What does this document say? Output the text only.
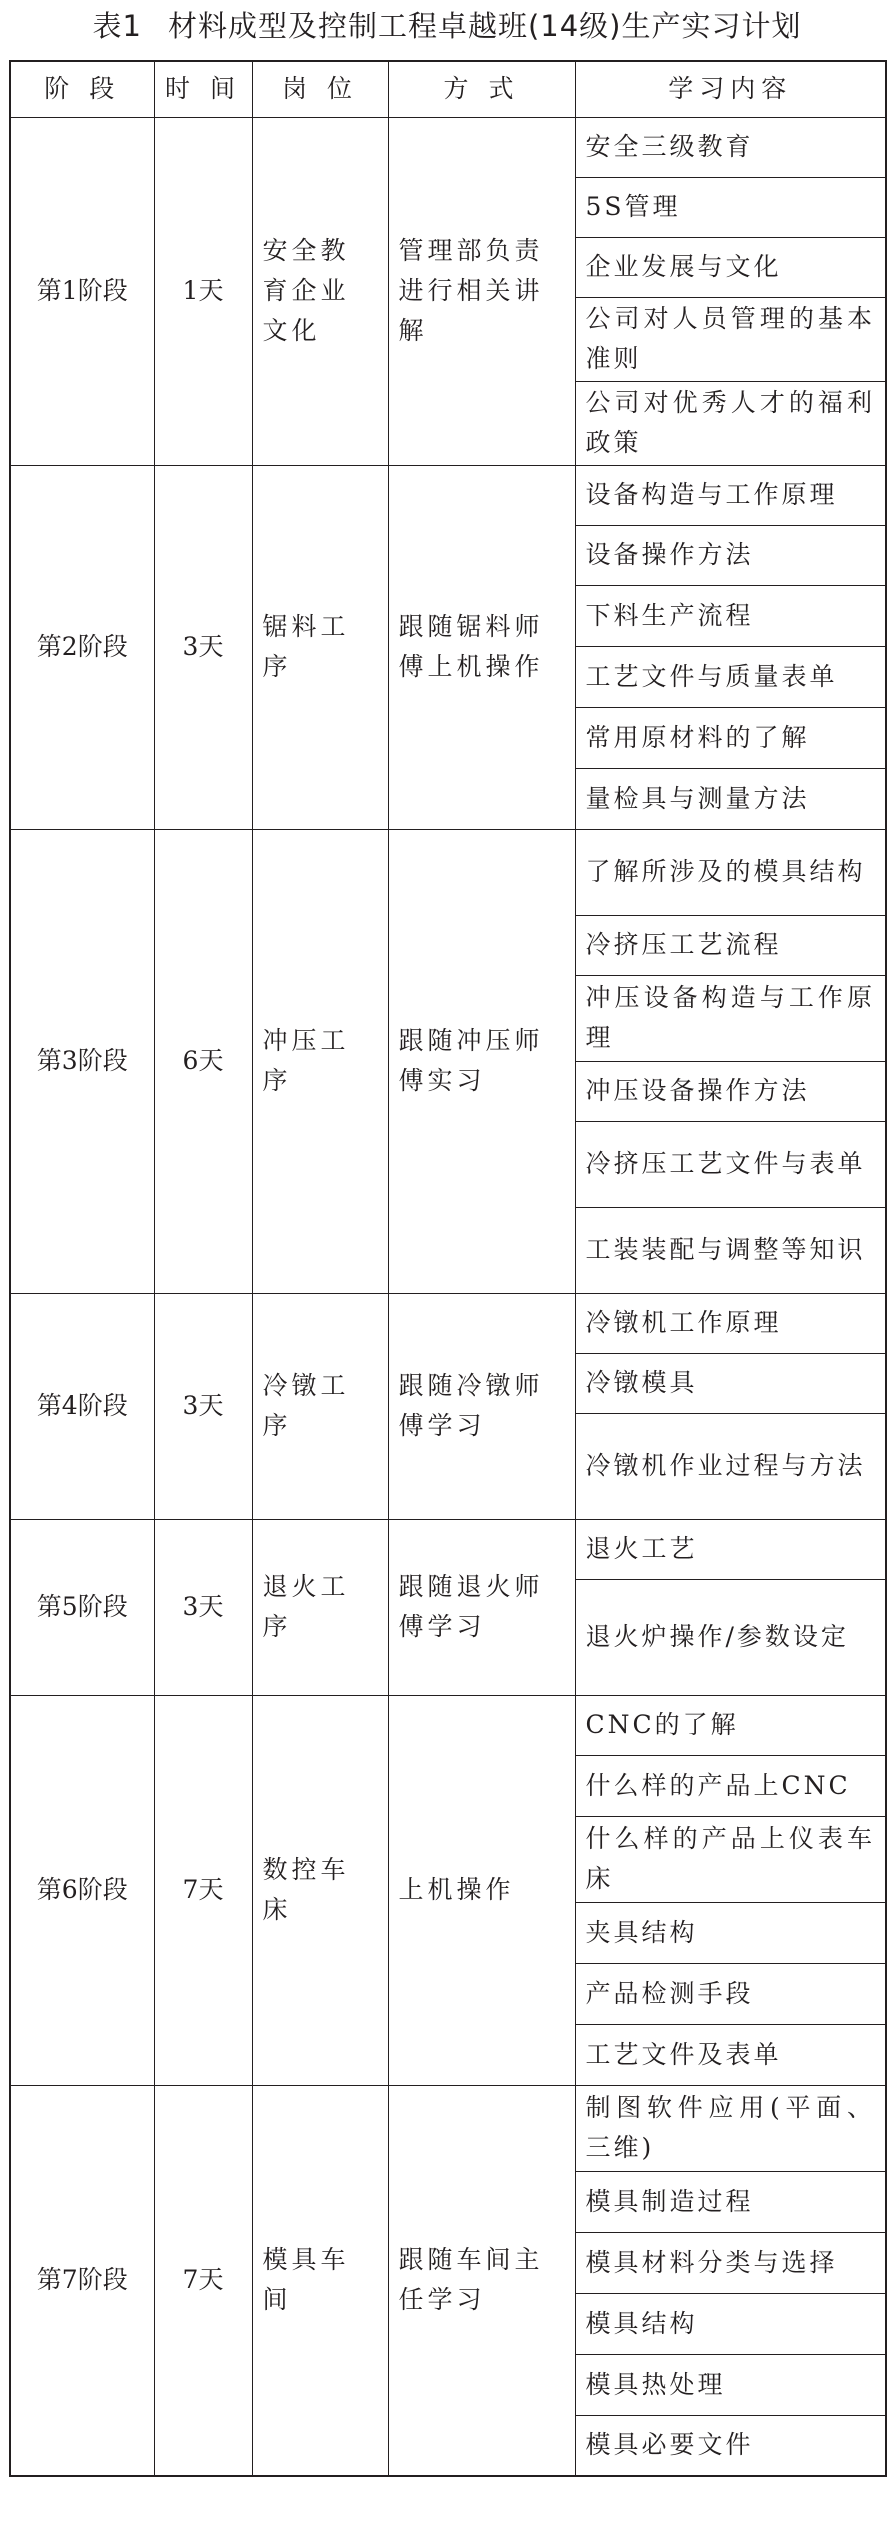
表1 材料成型及控制工程卓越班(14级)生产实习计划
阶 段	时 间	岗 位	方 式	学习内容
第1阶段	1天	安全教育企业文化	管理部负责进行相关讲解	安全三级教育
				5S管理
				企业发展与文化
				公司对人员管理的基本准则
				公司对优秀人才的福利政策
第2阶段	3天	锯料工序	跟随锯料师傅上机操作	设备构造与工作原理
				设备操作方法
				下料生产流程
				工艺文件与质量表单
				常用原材料的了解
				量检具与测量方法
第3阶段	6天	冲压工序	跟随冲压师傅实习	了解所涉及的模具结构
				冷挤压工艺流程
				冲压设备构造与工作原理
				冲压设备操作方法
				冷挤压工艺文件与表单
				工装装配与调整等知识
第4阶段	3天	冷镦工序	跟随冷镦师傅学习	冷镦机工作原理
				冷镦模具
				冷镦机作业过程与方法
第5阶段	3天	退火工序	跟随退火师傅学习	退火工艺
				退火炉操作/参数设定
第6阶段	7天	数控车床	上机操作	CNC的了解
				什么样的产品上CNC
				什么样的产品上仪表车床
				夹具结构
				产品检测手段
				工艺文件及表单
第7阶段	7天	模具车间	跟随车间主任学习	制图软件应用(平面、三维)
				模具制造过程
				模具材料分类与选择
				模具结构
				模具热处理
				模具必要文件
